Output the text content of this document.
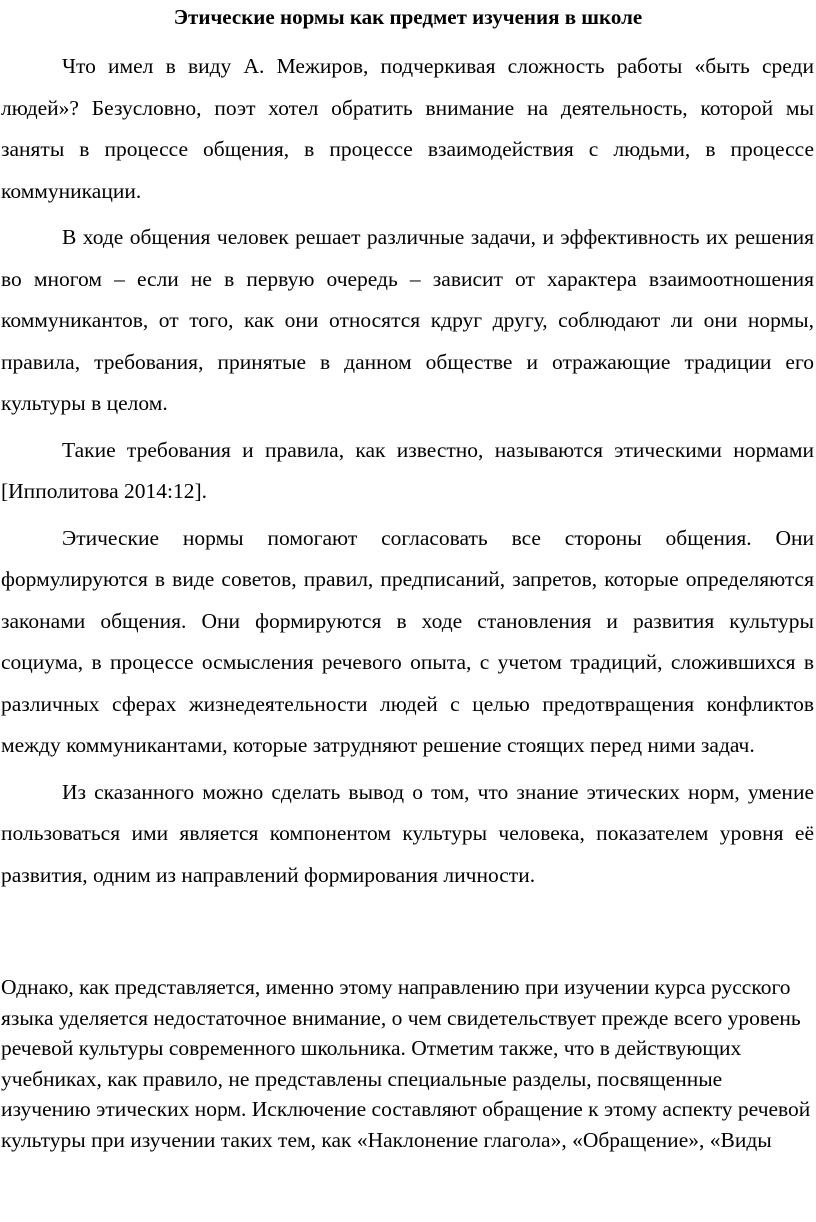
Этические нормы как предмет изучения в школе

Что имел в виду А. Межиров, подчеркивая сложность работы «быть среди людей»? Безусловно, поэт хотел обратить внимание на деятельность, которой мы заняты в процессе общения, в процессе взаимодействия с людьми, в процессе коммуникации.

В ходе общения человек решает различные задачи, и эффективность их решения во многом – если не в первую очередь – зависит от характера взаимоотношения коммуникантов, от того, как они относятся кдруг другу, соблюдают ли они нормы, правила, требования, принятые в данном обществе и отражающие традиции его культуры в целом.

Такие требования и правила, как известно, называются этическими нормами [Ипполитова 2014:12].

Этические нормы помогают согласовать все стороны общения. Они формулируются в виде советов, правил, предписаний, запретов, которые определяются законами общения. Они формируются в ходе становления и развития культуры социума, в процессе осмысления речевого опыта, с учетом традиций, сложившихся в различных сферах жизнедеятельности людей с целью предотвращения конфликтов между коммуникантами, которые затрудняют решение стоящих перед ними задач.

Из сказанного можно сделать вывод о том, что знание этических норм, умение пользоваться ими является компонентом культуры человека, показателем уровня её развития, одним из направлений формирования личности.

Однако, как представляется, именно этому направлению при изучении курса русского языка уделяется недостаточное внимание, о чем свидетельствует прежде всего уровень речевой культуры современного школьника. Отметим также, что в действующих учебниках, как правило, не представлены специальные разделы, посвященные изучению этических норм. Исключение составляют обращение к этому аспекту речевой культуры при изучении таких тем, как «Наклонение глагола», «Обращение», «Виды
